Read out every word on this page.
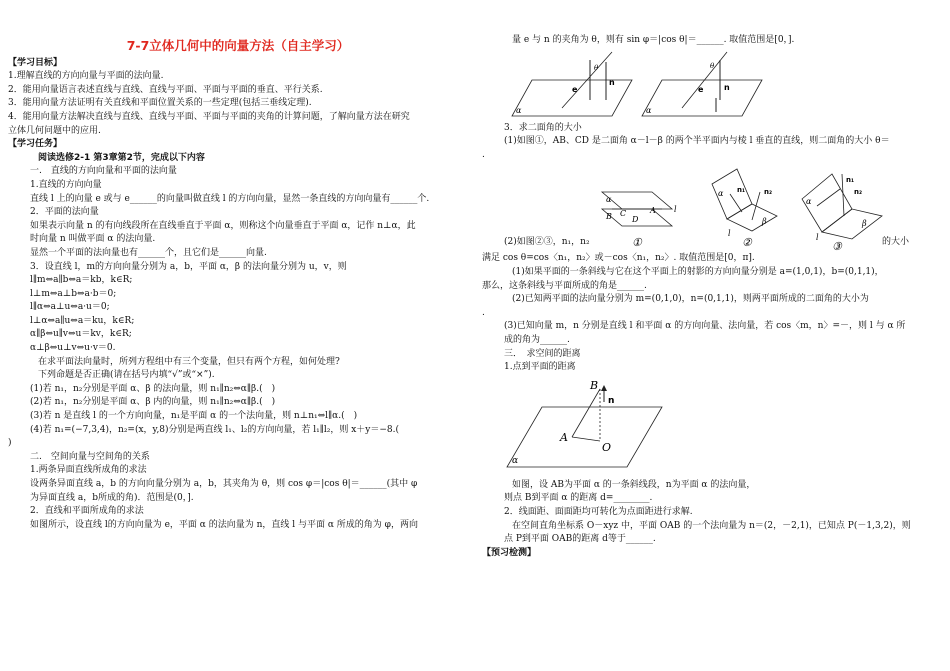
7-7立体几何中的向量方法（自主学习）
【学习目标】
1.理解直线的方向向量与平面的法向量.
2．能用向量语言表述直线与直线、直线与平面、平面与平面的垂直、平行关系.
3．能用向量方法证明有关直线和平面位置关系的一些定理(包括三垂线定理).
4．能用向量方法解决直线与直线、直线与平面、平面与平面的夹角的计算问题，了解向量方法在研究
立体几何问题中的应用.
【学习任务】
阅读选修2-1 第3章第2节，完成以下内容
一.　直线的方向向量和平面的法向量
1.直线的方向向量
直线 l 上的向量 e 或与 e______的向量叫做直线 l 的方向向量，显然一条直线的方向向量有______个.
2．平面的法向量
如果表示向量 n 的有向线段所在直线垂直于平面 α，则称这个向量垂直于平面 α，记作 n⊥α，此
时向量 n 叫做平面 α 的法向量.
显然一个平面的法向量也有______个，且它们是______向量.
3．设直线 l，m的方向向量分别为 a，b，平面 α，β 的法向量分别为 u，v，则
l∥m⇔a∥b⇔a＝kb，k∈R;
l⊥m⇔a⊥b⇔a·b＝0;
l∥α⇔a⊥u⇔a·u＝0;
l⊥α⇔a∥u⇔a＝ku，k∈R;
α∥β⇔u∥v⇔u＝kv，k∈R;
α⊥β⇔u⊥v⇔u·v＝0.
在求平面法向量时，所列方程组中有三个变量，但只有两个方程，如何处理?
下列命题是否正确(请在括号内填“√”或“×”).
(1)若 n₁，n₂分别是平面 α、β 的法向量，则 n₁∥n₂⇔α∥β.(　)
(2)若 n₁，n₂分别是平面 α、β 内的向量，则 n₁∥n₂⇔α∥β.(　)
(3)若 n 是直线 l 的一个方向向量，n₁是平面 α 的一个法向量，则 n⊥n₁⇔l∥α.(　)
(4)若 n₁=(−7,3,4)，n₂=(x，y,8)分别是两直线 l₁、l₂的方向向量，若 l₁∥l₂，则 x＋y＝−8.(
)
二.　空间向量与空间角的关系
1.两条异面直线所成角的求法
设两条异面直线 a，b 的方向向量分别为 a，b，其夹角为 θ，则 cos φ＝|cos θ|＝______(其中 φ
为异面直线 a，b所成的角)．范围是(0，].
2．直线和平面所成角的求法
如图所示，设直线 l的方向向量为 e，平面 α 的法向量为 n，直线 l 与平面 α 所成的角为 φ，两向
量 e 与 n 的夹角为 θ，则有 sin φ＝|cos θ|＝______. 取值范围是[0，].
e
n
θ
α
e	n
θ
α
3．求二面角的大小
(1)如图①，AB、CD 是二面角 α－l－β 的两个半平面内与棱 l 垂直的直线，则二面角的大小 θ＝
.
α
B C
D
A l
①
α n₁	n₂
β
l
②
α
n₁
n₂
β
l
③
(2)如图②③，n₁，n₂	的大小
满足 cos θ=cos〈n₁，n₂〉或－cos〈n₁，n₂〉. 取值范围是[0，π].
(1)如果平面的一条斜线与它在这个平面上的射影的方向向量分别是 a=(1,0,1)，b=(0,1,1)，
那么，这条斜线与平面所成的角是______.
(2)已知两平面的法向量分别为 m=(0,1,0)，n=(0,1,1)，则两平面所成的二面角的大小为
.
(3)已知向量 m，n 分别是直线 l 和平面 α 的方向向量、法向量，若 cos〈m，n〉=－，则 l 与 α 所
成的角为______.
三．　求空间的距离
1.点到平面的距离
B
n
A
O
α
如图，设 AB为平面 α 的一条斜线段，n为平面 α 的法向量，
则点 B到平面 α 的距离 d=________.
2．线面距、面面距均可转化为点面距进行求解.
在空间直角坐标系 O－xyz 中，平面 OAB 的一个法向量为 n＝(2，－2,1)，已知点 P(－1,3,2)，则
点 P到平面 OAB的距离 d等于______.
【预习检测】
